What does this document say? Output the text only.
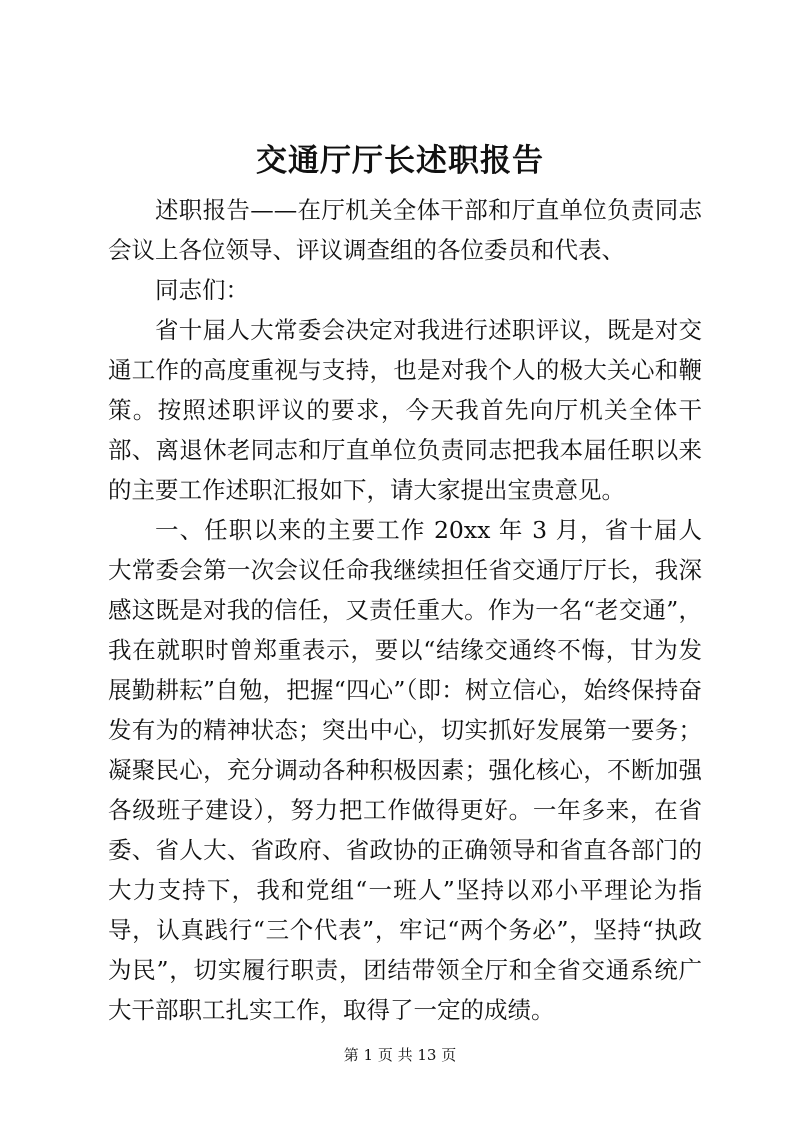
交通厅厅长述职报告

述职报告——在厅机关全体干部和厅直单位负责同志会议上各位领导、评议调查组的各位委员和代表、

同志们：

省十届人大常委会决定对我进行述职评议，既是对交通工作的高度重视与支持，也是对我个人的极大关心和鞭策。按照述职评议的要求，今天我首先向厅机关全体干部、离退休老同志和厅直单位负责同志把我本届任职以来的主要工作述职汇报如下，请大家提出宝贵意见。

一、任职以来的主要工作 20xx 年 3 月，省十届人大常委会第一次会议任命我继续担任省交通厅厅长，我深感这既是对我的信任，又责任重大。作为一名“老交通”，我在就职时曾郑重表示，要以“结缘交通终不悔，甘为发展勤耕耘”自勉，把握“四心”（即：树立信心，始终保持奋发有为的精神状态；突出中心，切实抓好发展第一要务；凝聚民心，充分调动各种积极因素；强化核心，不断加强各级班子建设），努力把工作做得更好。一年多来，在省委、省人大、省政府、省政协的正确领导和省直各部门的大力支持下，我和党组“一班人”坚持以邓小平理论为指导，认真践行“三个代表”，牢记“两个务必”，坚持“执政为民”，切实履行职责，团结带领全厅和全省交通系统广大干部职工扎实工作，取得了一定的成绩。

第 1 页 共 13 页
